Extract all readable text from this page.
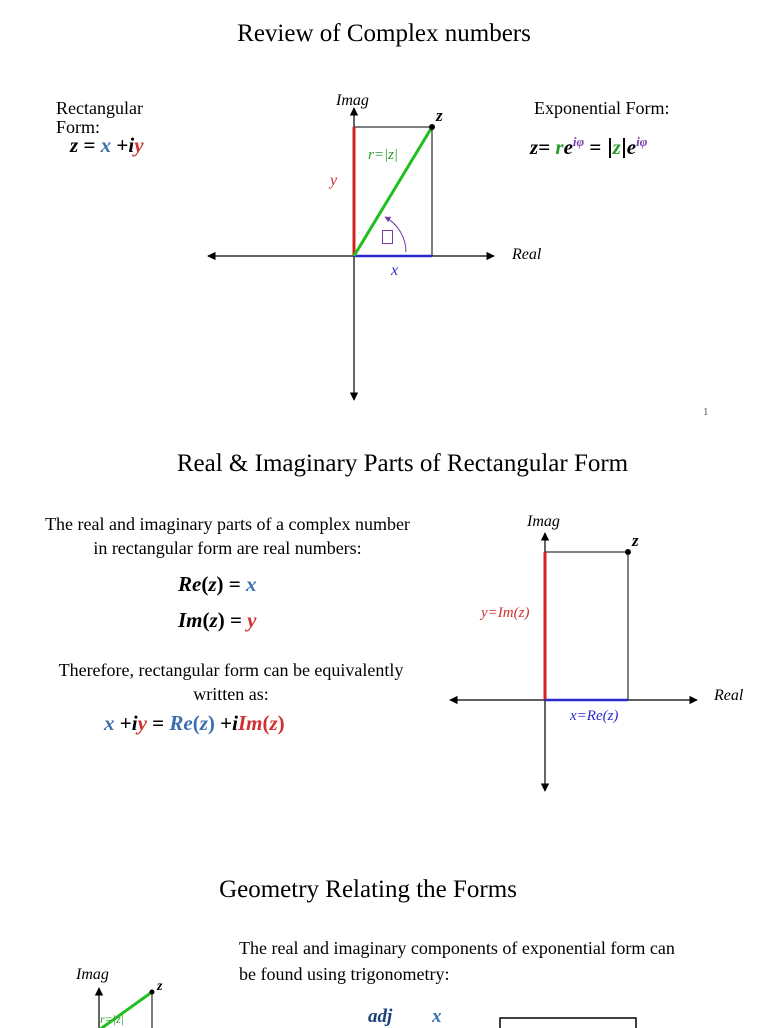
Review of Complex numbers
Rectangular
Form:
z = x +iy
Exponential Form:
$z= re^{i\varphi} = z$ $e^{i\varphi}$
Imag
Real
z
r=|z|
y
x
1
Real & Imaginary Parts of Rectangular Form
The real and imaginary parts of a complex number
in rectangular form are real numbers:
Re(z) = x
Im(z) = y
Therefore, rectangular form can be equivalently
written as:
x +iy = Re(z) +iIm(z)
Imag
Real
z
y=Im(z)
x=Re(z)
Geometry Relating the Forms
The real and imaginary components of exponential form can
be found using trigonometry:
Imag
z
r=|z|	adj x
